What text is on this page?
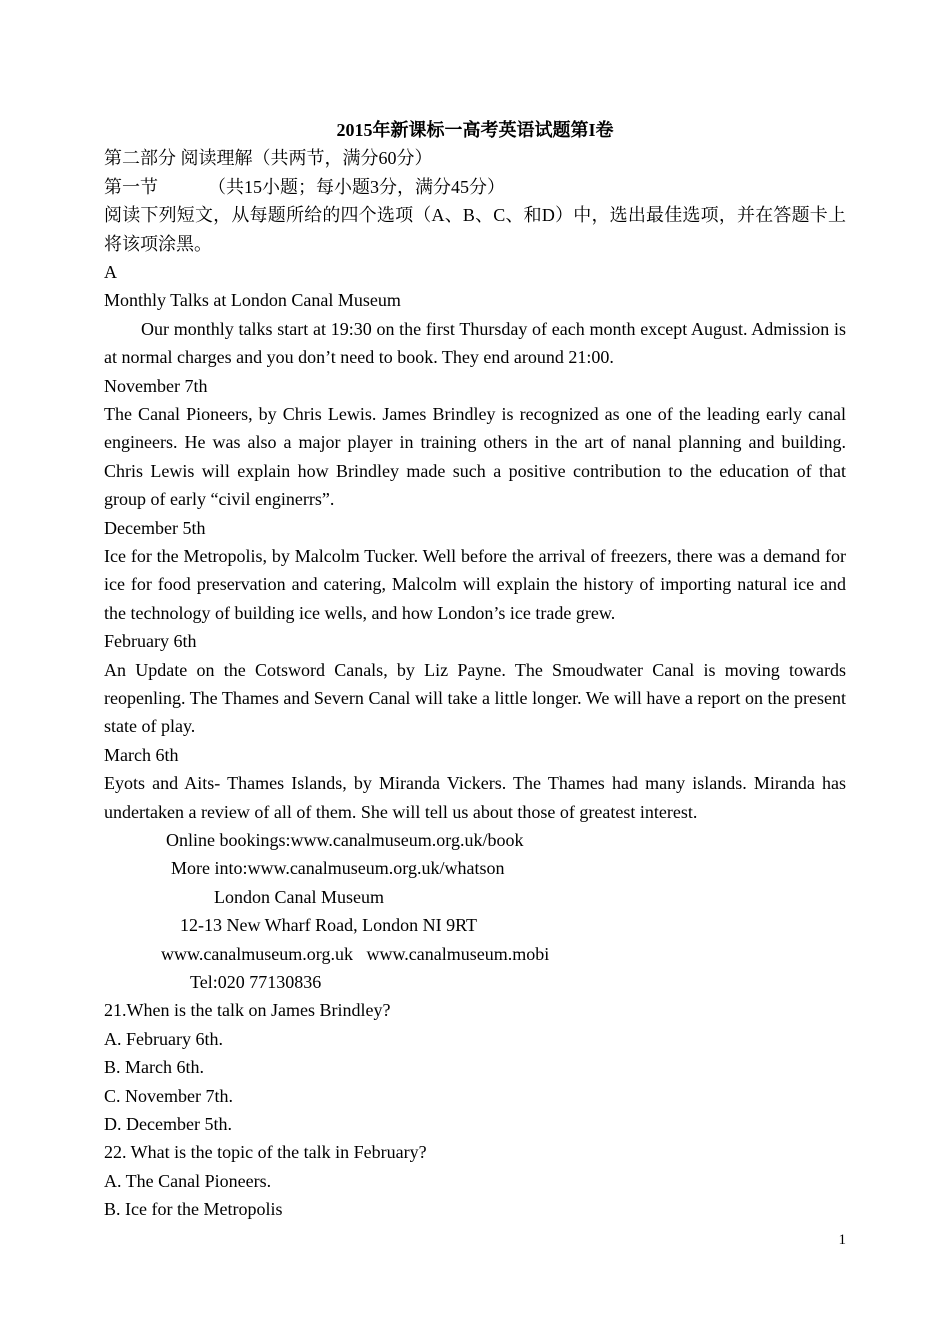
2015年新课标一高考英语试题第I卷
第二部分 阅读理解（共两节，满分60分）
第一节	（共15小题；每小题3分，满分45分）
阅读下列短文，从每题所给的四个选项（A、B、C、和D）中，选出最佳选项，并在答题卡上将该项涂黑。
A
Monthly Talks at London Canal Museum
Our monthly talks start at 19:30 on the first Thursday of each month except August. Admission is at normal charges and you don’t need to book. They end around 21:00.
November 7th
The Canal Pioneers, by Chris Lewis. James Brindley is recognized as one of the leading early canal engineers. He was also a major player in training others in the art of nanal planning and building. Chris Lewis will explain how Brindley made such a positive contribution to the education of that group of early “civil enginerrs”.
December 5th
Ice for the Metropolis, by Malcolm Tucker. Well before the arrival of freezers, there was a demand for ice for food preservation and catering, Malcolm will explain the history of importing natural ice and the technology of building ice wells, and how London’s ice trade grew.
February 6th
An Update on the Cotsword Canals, by Liz Payne. The Smoudwater Canal is moving towards reopenling. The Thames and Severn Canal will take a little longer. We will have a report on the present state of play.
March 6th
Eyots and Aits- Thames Islands, by Miranda Vickers. The Thames had many islands. Miranda has undertaken a review of all of them. She will tell us about those of greatest interest.
Online bookings:www.canalmuseum.org.uk/book
More into:www.canalmuseum.org.uk/whatson
London Canal Museum
12-13 New Wharf Road, London NI 9RT
www.canalmuseum.org.uk www.canalmuseum.mobi
Tel:020 77130836
21.When is the talk on James Brindley?
A. February 6th.
B. March 6th.
C. November 7th.
D. December 5th.
22. What is the topic of the talk in February?
A. The Canal Pioneers.
B. Ice for the Metropolis
1
